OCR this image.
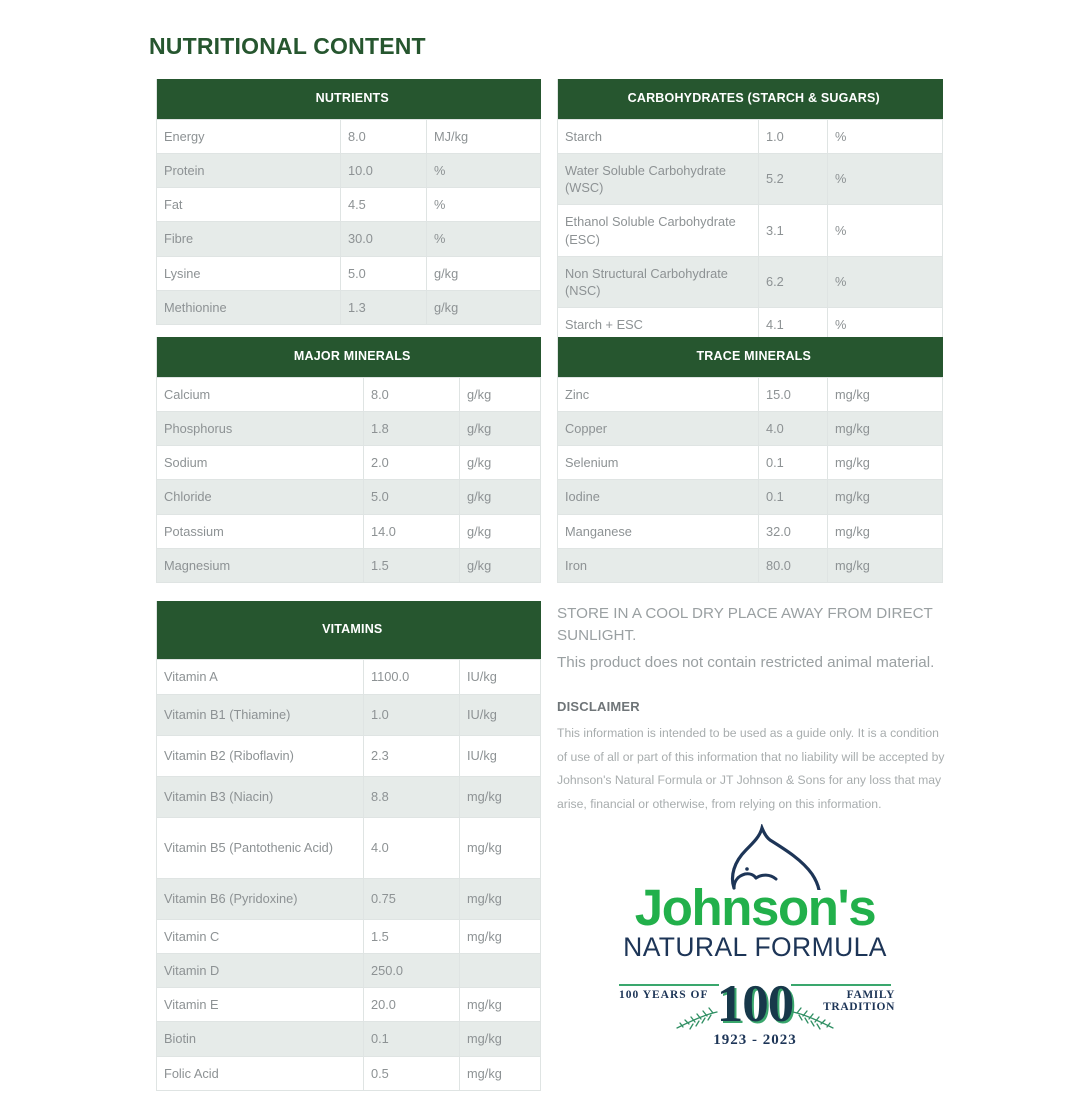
NUTRITIONAL CONTENT
NUTRIENTS		
Energy	8.0	MJ/kg
Protein	10.0	%
Fat	4.5	%
Fibre	30.0	%
Lysine	5.0	g/kg
Methionine	1.3	g/kg
CARBOHYDRATES (STARCH & SUGARS)		
Starch	1.0	%
Water Soluble Carbohydrate (WSC)	5.2	%
Ethanol Soluble Carbohydrate (ESC)	3.1	%
Non Structural Carbohydrate (NSC)	6.2	%
Starch + ESC	4.1	%
MAJOR MINERALS		
Calcium	8.0	g/kg
Phosphorus	1.8	g/kg
Sodium	2.0	g/kg
Chloride	5.0	g/kg
Potassium	14.0	g/kg
Magnesium	1.5	g/kg
TRACE MINERALS		
Zinc	15.0	mg/kg
Copper	4.0	mg/kg
Selenium	0.1	mg/kg
Iodine	0.1	mg/kg
Manganese	32.0	mg/kg
Iron	80.0	mg/kg
VITAMINS		
Vitamin A	1100.0	IU/kg
Vitamin B1 (Thiamine)	1.0	IU/kg
Vitamin B2 (Riboflavin)	2.3	IU/kg
Vitamin B3 (Niacin)	8.8	mg/kg
Vitamin B5 (Pantothenic Acid)	4.0	mg/kg
Vitamin B6 (Pyridoxine)	0.75	mg/kg
Vitamin C	1.5	mg/kg
Vitamin D	250.0	
Vitamin E	20.0	mg/kg
Biotin	0.1	mg/kg
Folic Acid	0.5	mg/kg
STORE IN A COOL DRY PLACE AWAY FROM DIRECT SUNLIGHT.
This product does not contain restricted animal material.
DISCLAIMER
This information is intended to be used as a guide only. It is a condition of use of all or part of this information that no liability will be accepted by Johnson's Natural Formula or JT Johnson & Sons for any loss that may arise, financial or otherwise, from relying on this information.
Johnson's
NATURAL FORMULA
100 YEARS OF	FAMILY TRADITION
100
1923 - 2023
